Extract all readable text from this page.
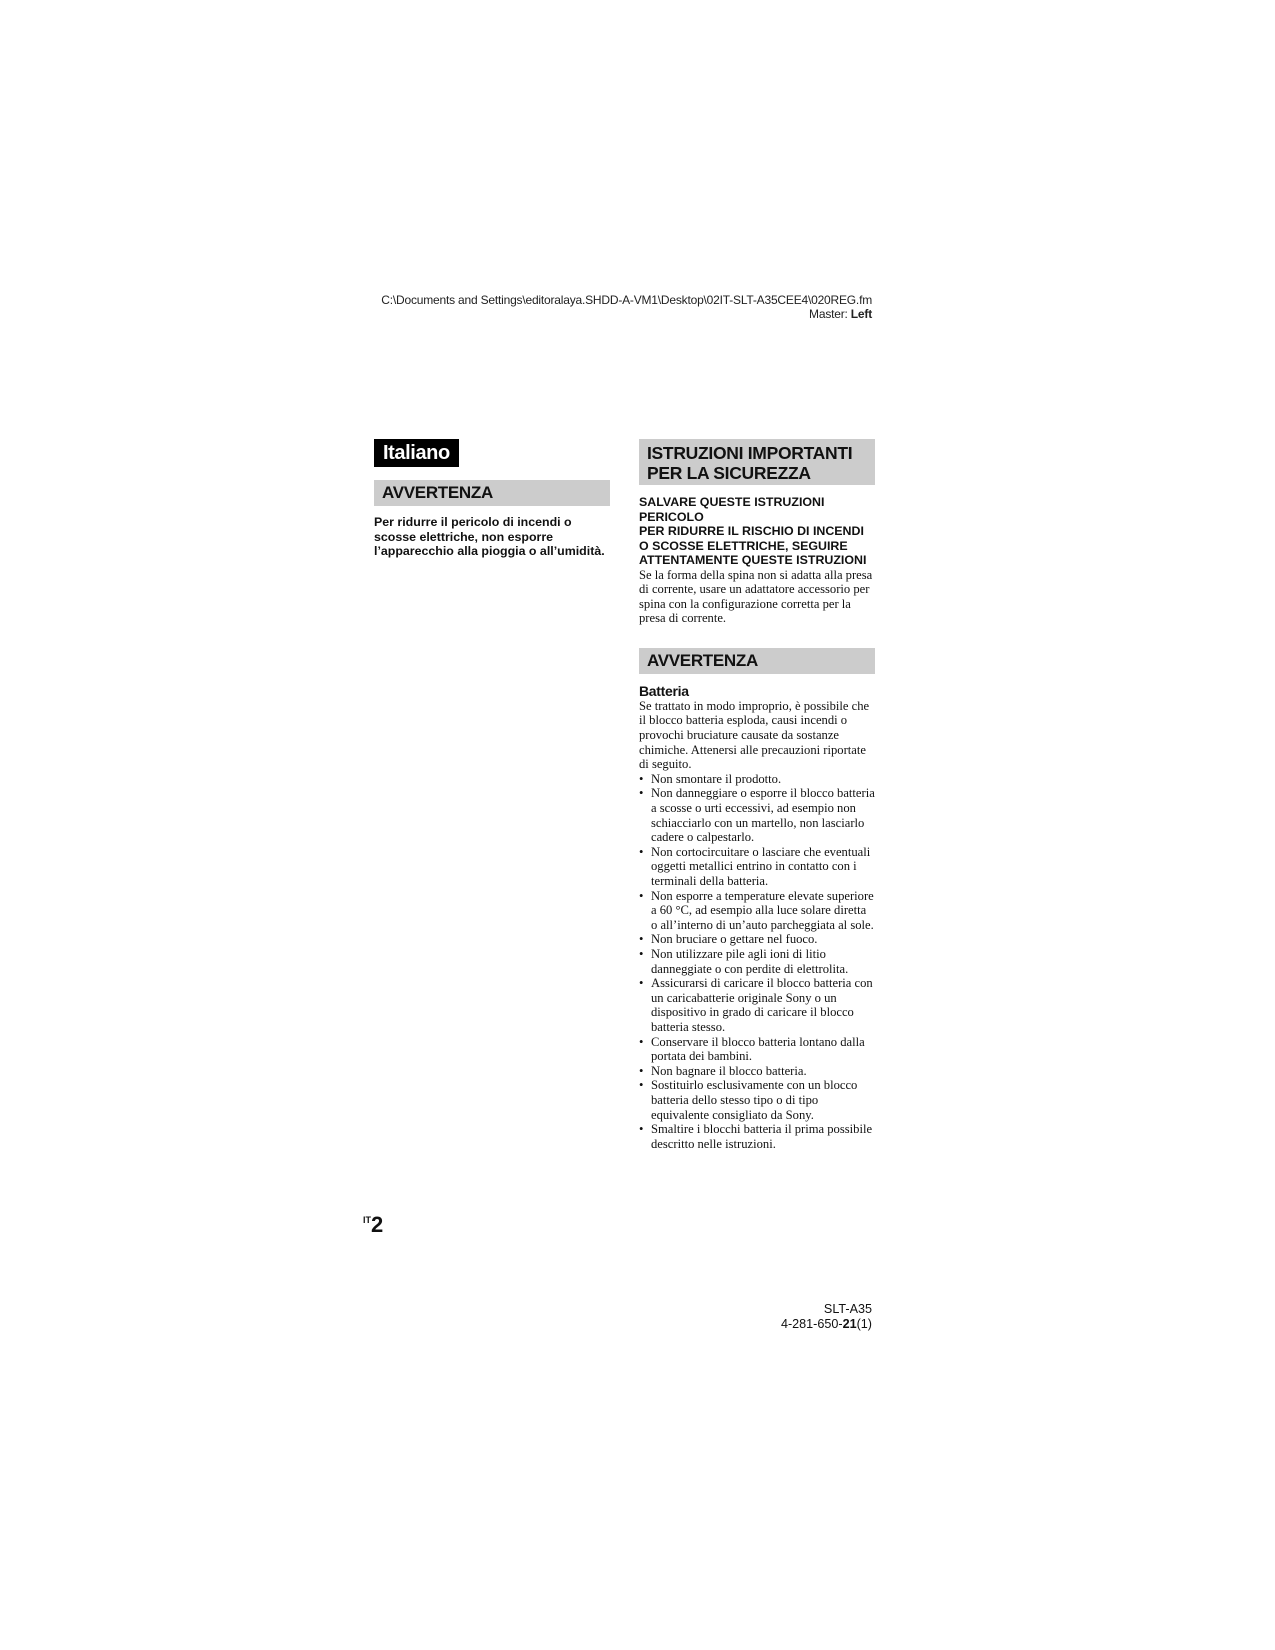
C:\Documents and Settings\editoralaya.SHDD-A-VM1\Desktop\02IT-SLT-A35CEE4\020REG.fm
Master: Left
Italiano
AVVERTENZA
Per ridurre il pericolo di incendi o scosse elettriche, non esporre l’apparecchio alla pioggia o all’umidità.
ISTRUZIONI IMPORTANTI
PER LA SICUREZZA
SALVARE QUESTE ISTRUZIONI
PERICOLO
PER RIDURRE IL RISCHIO DI INCENDI O SCOSSE ELETTRICHE, SEGUIRE ATTENTAMENTE QUESTE ISTRUZIONI
Se la forma della spina non si adatta alla presa di corrente, usare un adattatore accessorio per spina con la configurazione corretta per la presa di corrente.
AVVERTENZA
Batteria
Se trattato in modo improprio, è possibile che il blocco batteria esploda, causi incendi o provochi bruciature causate da sostanze chimiche. Attenersi alle precauzioni riportate di seguito.
• Non smontare il prodotto.
• Non danneggiare o esporre il blocco batteria a scosse o urti eccessivi, ad esempio non schiacciarlo con un martello, non lasciarlo cadere o calpestarlo.
• Non cortocircuitare o lasciare che eventuali oggetti metallici entrino in contatto con i terminali della batteria.
• Non esporre a temperature elevate superiore a 60 °C, ad esempio alla luce solare diretta o all’interno di un’auto parcheggiata al sole.
• Non bruciare o gettare nel fuoco.
• Non utilizzare pile agli ioni di litio danneggiate o con perdite di elettrolita.
• Assicurarsi di caricare il blocco batteria con un caricabatterie originale Sony o un dispositivo in grado di caricare il blocco batteria stesso.
• Conservare il blocco batteria lontano dalla portata dei bambini.
• Non bagnare il blocco batteria.
• Sostituirlo esclusivamente con un blocco batteria dello stesso tipo o di tipo equivalente consigliato da Sony.
• Smaltire i blocchi batteria il prima possibile descritto nelle istruzioni.
$^{IT}$2
SLT-A35
4-281-650-21(1)
